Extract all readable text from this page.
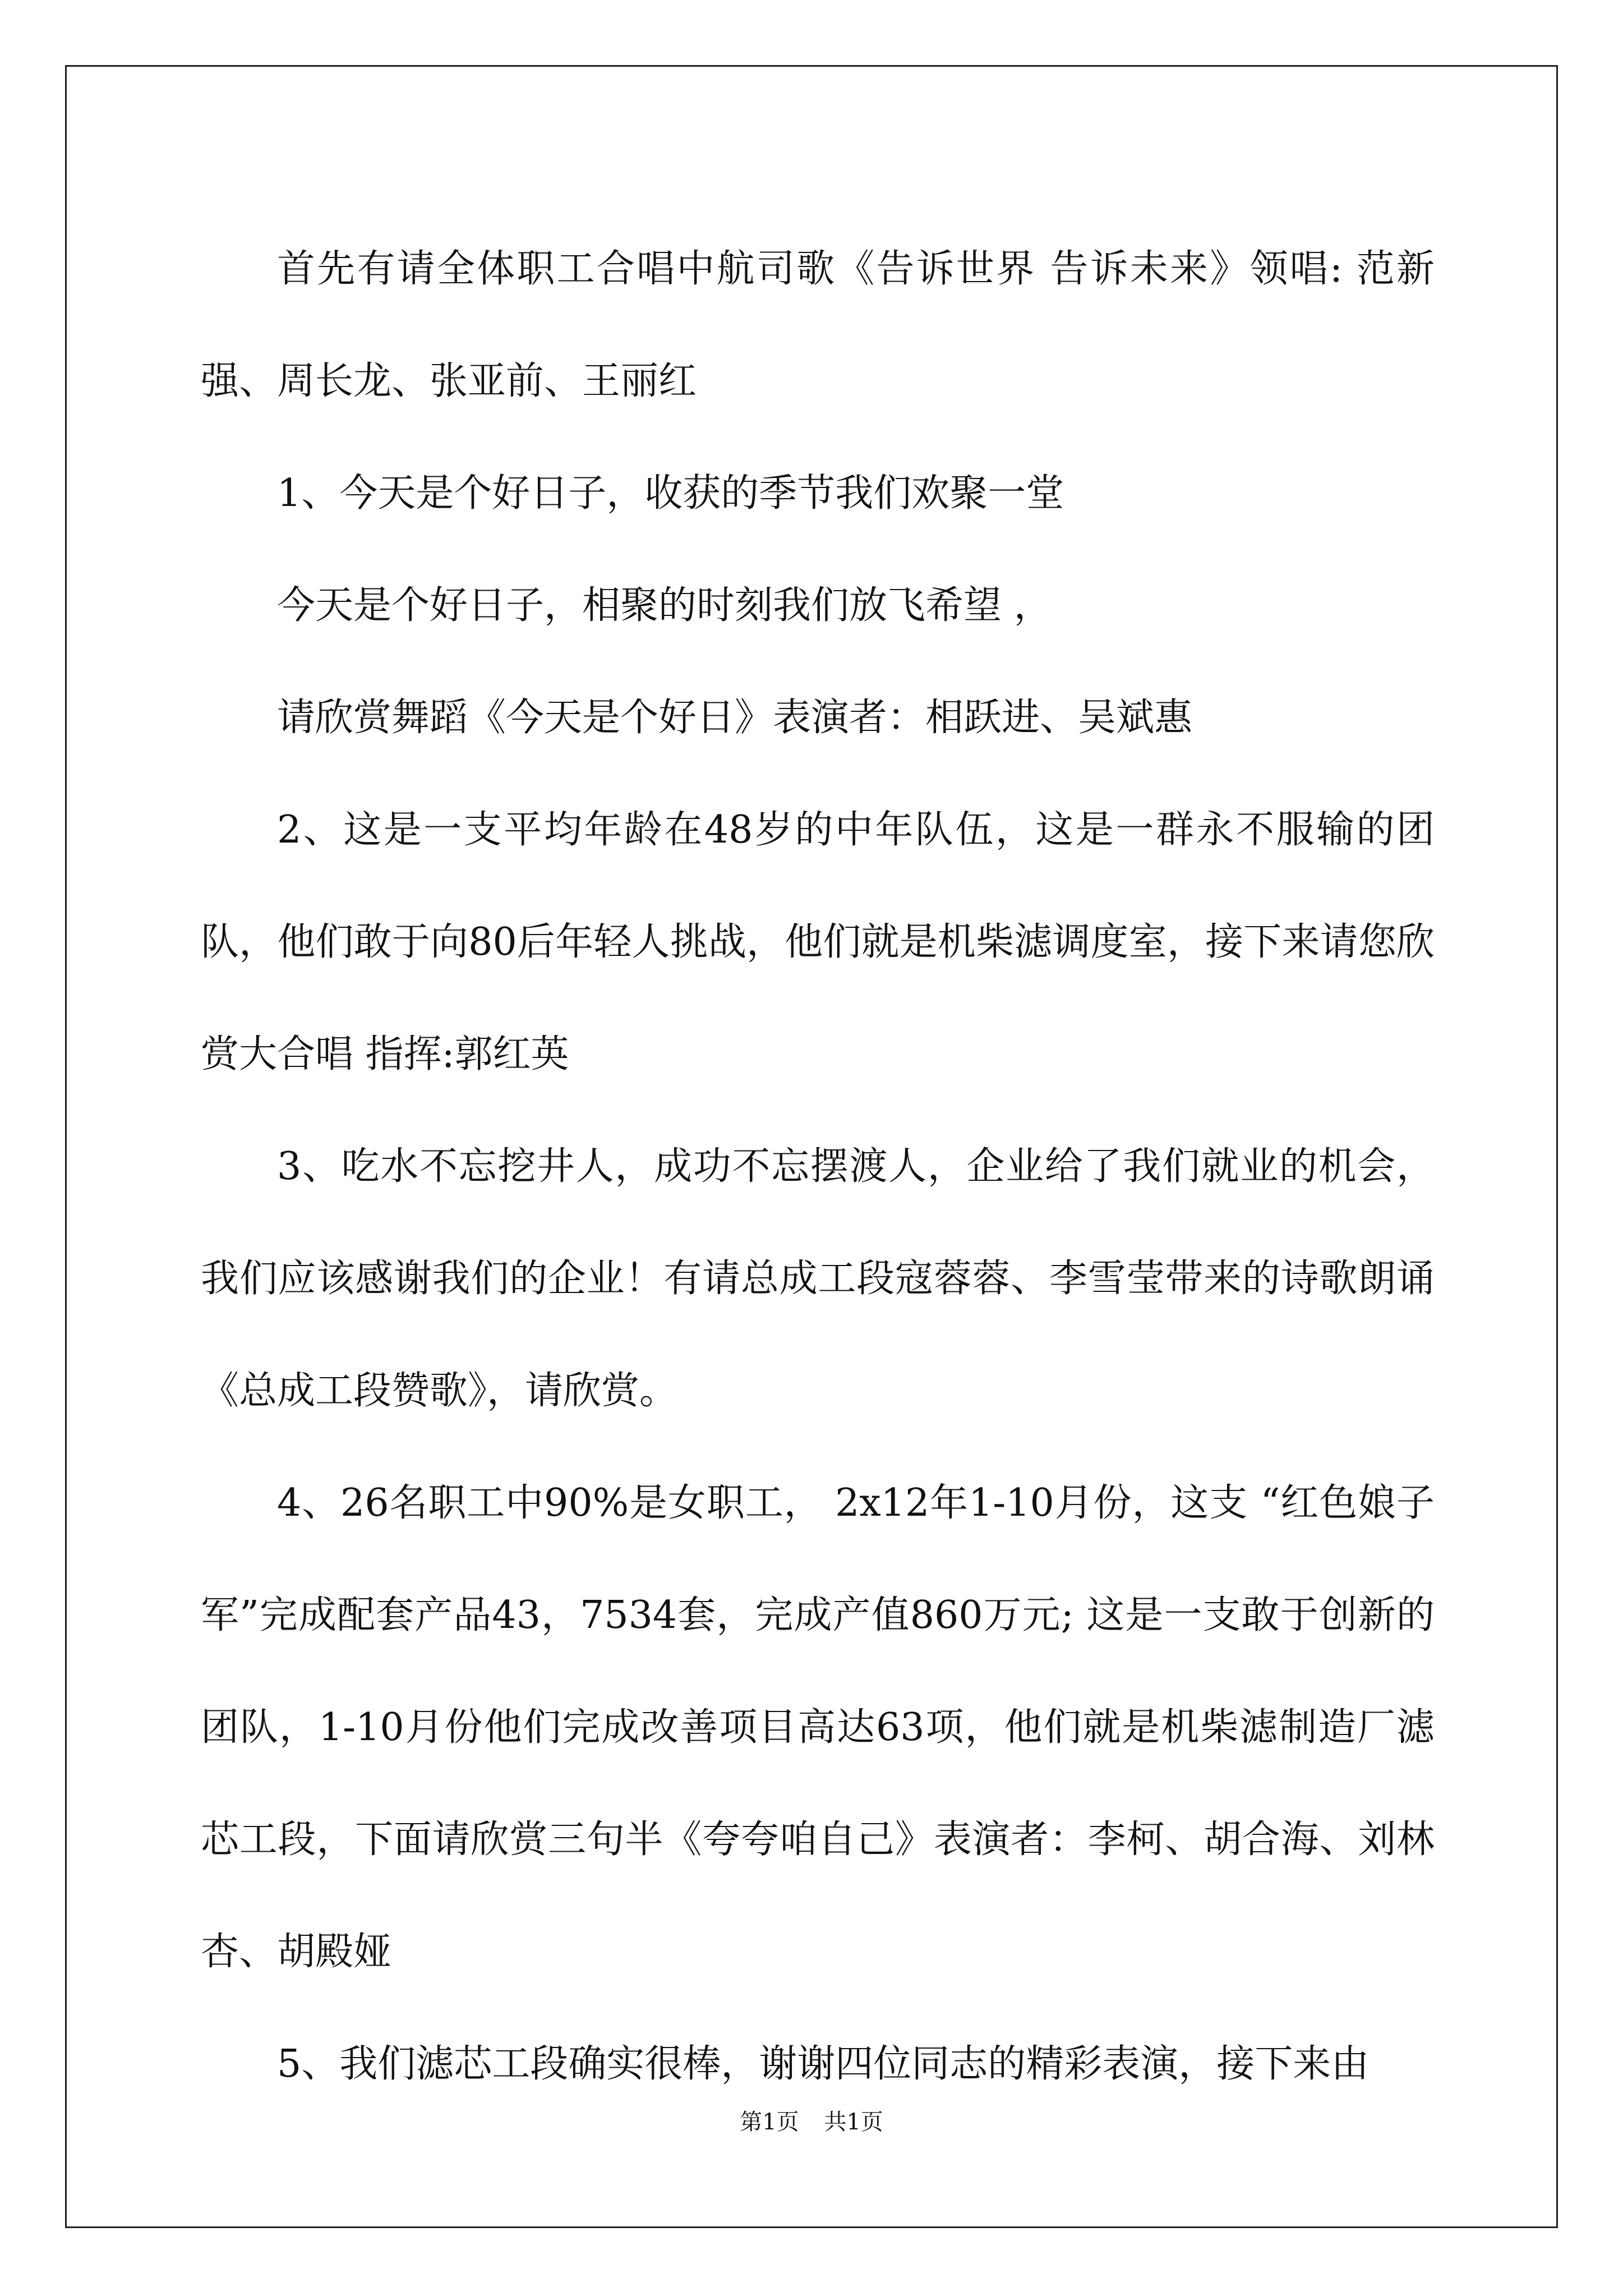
首先有请全体职工合唱中航司歌《告诉世界 告诉未来》领唱: 范新强、周长龙、张亚前、王丽红

1、今天是个好日子，收获的季节我们欢聚一堂

今天是个好日子，相聚的时刻我们放飞希望 ，

请欣赏舞蹈《今天是个好日》表演者：相跃进、吴斌惠

2、这是一支平均年龄在48岁的中年队伍，这是一群永不服输的团队，他们敢于向80后年轻人挑战，他们就是机柴滤调度室，接下来请您欣赏大合唱 指挥:郭红英

3、吃水不忘挖井人，成功不忘摆渡人，企业给了我们就业的机会，我们应该感谢我们的企业！有请总成工段寇蓉蓉、李雪莹带来的诗歌朗诵《总成工段赞歌》，请欣赏。

4、26名职工中90%是女职工， 2x12年1-10月份，这支 “红色娘子军”完成配套产品43，7534套，完成产值860万元; 这是一支敢于创新的团队，1-10月份他们完成改善项目高达63项，他们就是机柴滤制造厂滤芯工段，下面请欣赏三句半《夸夸咱自己》表演者：李柯、胡合海、刘林杏、胡殿娅

5、我们滤芯工段确实很棒，谢谢四位同志的精彩表演，接下来由

第1页 共1页
